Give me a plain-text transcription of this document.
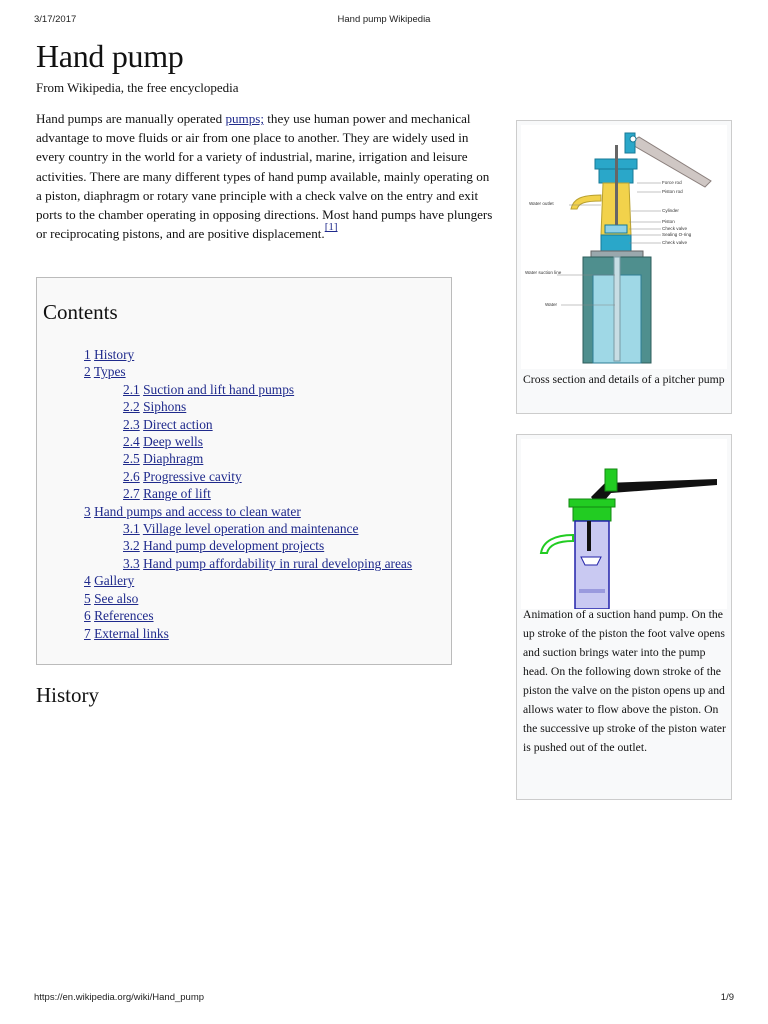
3/17/2017	Hand pump Wikipedia
Hand pump
From Wikipedia, the free encyclopedia

Hand pumps are manually operated pumps; they use human power and mechanical advantage to move fluids or air from one place to another. They are widely used in every country in the world for a variety of industrial, marine, irrigation and leisure activities. There are many different types of hand pump available, mainly operating on a piston, diaphragm or rotary vane principle with a check valve on the entry and exit ports to the chamber operating in opposing directions. Most hand pumps have plungers or reciprocating pistons, and are positive displacement.[1]

Contents
1 History
2 Types
2.1 Suction and lift hand pumps
2.2 Siphons
2.3 Direct action
2.4 Deep wells
2.5 Diaphragm
2.6 Progressive cavity
2.7 Range of lift
3 Hand pumps and access to clean water
3.1 Village level operation and maintenance
3.2 Hand pump development projects
3.3 Hand pump affordability in rural developing areas
4 Gallery
5 See also
6 References
7 External links
History
Force rod
Piston rod
Water outlet
Cylinder
Piston
Check valve
Sealing O-ring
Check valve
Water suction line
Water
Cross section and details of a pitcher pump
Animation of a suction hand pump. On the up stroke of the piston the foot valve opens and suction brings water into the pump head. On the following down stroke of the piston the valve on the piston opens up and allows water to flow above the piston. On the successive up stroke of the piston water is pushed out of the outlet.
https://en.wikipedia.org/wiki/Hand_pump	1/9
